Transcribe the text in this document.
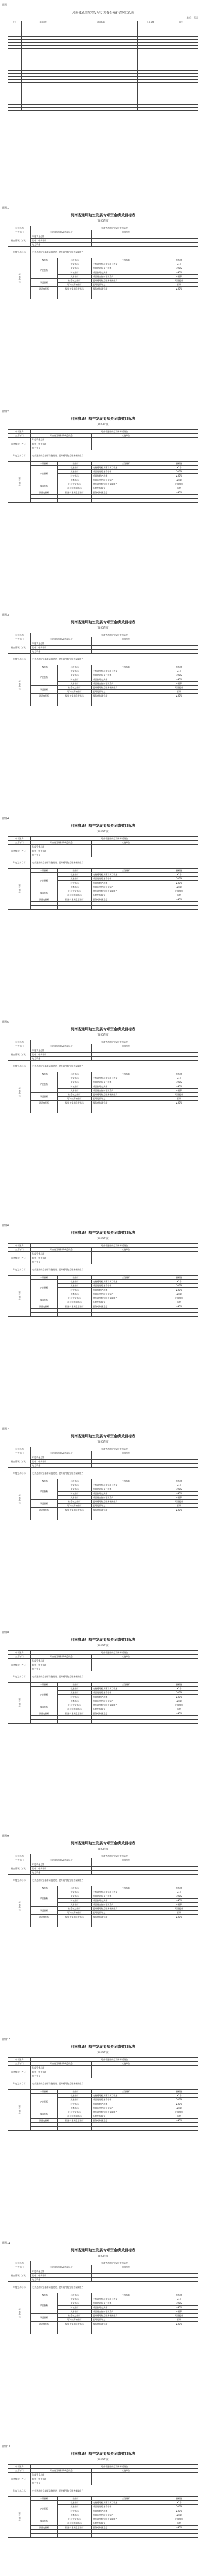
附件
河南省通用航空发展专项资金分配情况汇总表
单位：万元
序号	项目单位	项目名称	补助金额	备注

附件1
河南省通用航空发展专项资金绩效目标表
（2023年度）
专项名称	河南省通用航空发展专项资金			
主管部门	河南省发展和改革委员会		实施单位	
资金情况（万元）	年度资金总额			
	其中：中央补助			
	地方资金			
年度总体目标	支持通用航空基础设施建设，提升通用航空服务保障能力			
绩效指标	一级指标	二级指标	三级指标	指标值
	产出指标	数量指标	支持通用机场建设项目数量	≥1个
		质量指标	项目建设质量合格率	100%
		时效指标	项目按期完成率	≥90%
		成本指标	项目资金控制在预算内	≤预算
	效益指标	社会效益指标	提升通用航空服务保障能力	明显提升
		可持续影响指标	长期发挥效益	长期
	满意度指标	服务对象满意度指标	服务对象满意度	≥90%

附件2
河南省通用航空发展专项资金绩效目标表
（2023年度）
专项名称	河南省通用航空发展专项资金			
主管部门	河南省发展和改革委员会		实施单位	
资金情况（万元）	年度资金总额			
	其中：中央补助			
	地方资金			
年度总体目标	支持通用航空基础设施建设，提升通用航空服务保障能力			
绩效指标	一级指标	二级指标	三级指标	指标值
	产出指标	数量指标	支持通用机场建设项目数量	≥1个
		质量指标	项目建设质量合格率	100%
		时效指标	项目按期完成率	≥90%
		成本指标	项目资金控制在预算内	≤预算
	效益指标	社会效益指标	提升通用航空服务保障能力	明显提升
		可持续影响指标	长期发挥效益	长期
	满意度指标	服务对象满意度指标	服务对象满意度	≥90%

附件3
河南省通用航空发展专项资金绩效目标表
（2023年度）
专项名称	河南省通用航空发展专项资金			
主管部门	河南省发展和改革委员会		实施单位	
资金情况（万元）	年度资金总额			
	其中：中央补助			
	地方资金			
年度总体目标	支持通用航空基础设施建设，提升通用航空服务保障能力			
绩效指标	一级指标	二级指标	三级指标	指标值
	产出指标	数量指标	支持通用机场建设项目数量	≥1个
		质量指标	项目建设质量合格率	100%
		时效指标	项目按期完成率	≥90%
		成本指标	项目资金控制在预算内	≤预算
	效益指标	社会效益指标	提升通用航空服务保障能力	明显提升
		可持续影响指标	长期发挥效益	长期
	满意度指标	服务对象满意度指标	服务对象满意度	≥90%

附件4
河南省通用航空发展专项资金绩效目标表
（2023年度）
专项名称	河南省通用航空发展专项资金			
主管部门	河南省发展和改革委员会		实施单位	
资金情况（万元）	年度资金总额			
	其中：中央补助			
	地方资金			
年度总体目标	支持通用航空基础设施建设，提升通用航空服务保障能力			
绩效指标	一级指标	二级指标	三级指标	指标值
	产出指标	数量指标	支持通用机场建设项目数量	≥1个
		质量指标	项目建设质量合格率	100%
		时效指标	项目按期完成率	≥90%
		成本指标	项目资金控制在预算内	≤预算
	效益指标	社会效益指标	提升通用航空服务保障能力	明显提升
		可持续影响指标	长期发挥效益	长期
	满意度指标	服务对象满意度指标	服务对象满意度	≥90%

附件5
河南省通用航空发展专项资金绩效目标表
（2023年度）
专项名称	河南省通用航空发展专项资金			
主管部门	河南省发展和改革委员会		实施单位	
资金情况（万元）	年度资金总额			
	其中：中央补助			
	地方资金			
年度总体目标	支持通用航空基础设施建设，提升通用航空服务保障能力			
绩效指标	一级指标	二级指标	三级指标	指标值
	产出指标	数量指标	支持通用机场建设项目数量	≥1个
		质量指标	项目建设质量合格率	100%
		时效指标	项目按期完成率	≥90%
		成本指标	项目资金控制在预算内	≤预算
	效益指标	社会效益指标	提升通用航空服务保障能力	明显提升
		可持续影响指标	长期发挥效益	长期
	满意度指标	服务对象满意度指标	服务对象满意度	≥90%

附件6
河南省通用航空发展专项资金绩效目标表
（2023年度）
专项名称	河南省通用航空发展专项资金			
主管部门	河南省发展和改革委员会		实施单位	
资金情况（万元）	年度资金总额			
	其中：中央补助			
	地方资金			
年度总体目标	支持通用航空基础设施建设，提升通用航空服务保障能力			
绩效指标	一级指标	二级指标	三级指标	指标值
	产出指标	数量指标	支持通用机场建设项目数量	≥1个
		质量指标	项目建设质量合格率	100%
		时效指标	项目按期完成率	≥90%
		成本指标	项目资金控制在预算内	≤预算
	效益指标	社会效益指标	提升通用航空服务保障能力	明显提升
		可持续影响指标	长期发挥效益	长期
	满意度指标	服务对象满意度指标	服务对象满意度	≥90%

附件7
河南省通用航空发展专项资金绩效目标表
（2023年度）
专项名称	河南省通用航空发展专项资金			
主管部门	河南省发展和改革委员会		实施单位	
资金情况（万元）	年度资金总额			
	其中：中央补助			
	地方资金			
年度总体目标	支持通用航空基础设施建设，提升通用航空服务保障能力			
绩效指标	一级指标	二级指标	三级指标	指标值
	产出指标	数量指标	支持通用机场建设项目数量	≥1个
		质量指标	项目建设质量合格率	100%
		时效指标	项目按期完成率	≥90%
		成本指标	项目资金控制在预算内	≤预算
	效益指标	社会效益指标	提升通用航空服务保障能力	明显提升
		可持续影响指标	长期发挥效益	长期
	满意度指标	服务对象满意度指标	服务对象满意度	≥90%

附件8
河南省通用航空发展专项资金绩效目标表
（2023年度）
专项名称	河南省通用航空发展专项资金			
主管部门	河南省发展和改革委员会		实施单位	
资金情况（万元）	年度资金总额			
	其中：中央补助			
	地方资金			
年度总体目标	支持通用航空基础设施建设，提升通用航空服务保障能力			
绩效指标	一级指标	二级指标	三级指标	指标值
	产出指标	数量指标	支持通用机场建设项目数量	≥1个
		质量指标	项目建设质量合格率	100%
		时效指标	项目按期完成率	≥90%
		成本指标	项目资金控制在预算内	≤预算
	效益指标	社会效益指标	提升通用航空服务保障能力	明显提升
		可持续影响指标	长期发挥效益	长期
	满意度指标	服务对象满意度指标	服务对象满意度	≥90%

附件9
河南省通用航空发展专项资金绩效目标表
（2023年度）
专项名称	河南省通用航空发展专项资金			
主管部门	河南省发展和改革委员会		实施单位	
资金情况（万元）	年度资金总额			
	其中：中央补助			
	地方资金			
年度总体目标	支持通用航空基础设施建设，提升通用航空服务保障能力			
绩效指标	一级指标	二级指标	三级指标	指标值
	产出指标	数量指标	支持通用机场建设项目数量	≥1个
		质量指标	项目建设质量合格率	100%
		时效指标	项目按期完成率	≥90%
		成本指标	项目资金控制在预算内	≤预算
	效益指标	社会效益指标	提升通用航空服务保障能力	明显提升
		可持续影响指标	长期发挥效益	长期
	满意度指标	服务对象满意度指标	服务对象满意度	≥90%

附件10
河南省通用航空发展专项资金绩效目标表
（2023年度）
专项名称	河南省通用航空发展专项资金			
主管部门	河南省发展和改革委员会		实施单位	
资金情况（万元）	年度资金总额			
	其中：中央补助			
	地方资金			
年度总体目标	支持通用航空基础设施建设，提升通用航空服务保障能力			
绩效指标	一级指标	二级指标	三级指标	指标值
	产出指标	数量指标	支持通用机场建设项目数量	≥1个
		质量指标	项目建设质量合格率	100%
		时效指标	项目按期完成率	≥90%
		成本指标	项目资金控制在预算内	≤预算
	效益指标	社会效益指标	提升通用航空服务保障能力	明显提升
		可持续影响指标	长期发挥效益	长期
	满意度指标	服务对象满意度指标	服务对象满意度	≥90%

附件11
河南省通用航空发展专项资金绩效目标表
（2023年度）
专项名称	河南省通用航空发展专项资金			
主管部门	河南省发展和改革委员会		实施单位	
资金情况（万元）	年度资金总额			
	其中：中央补助			
	地方资金			
年度总体目标	支持通用航空基础设施建设，提升通用航空服务保障能力			
绩效指标	一级指标	二级指标	三级指标	指标值
	产出指标	数量指标	支持通用机场建设项目数量	≥1个
		质量指标	项目建设质量合格率	100%
		时效指标	项目按期完成率	≥90%
		成本指标	项目资金控制在预算内	≤预算
	效益指标	社会效益指标	提升通用航空服务保障能力	明显提升
		可持续影响指标	长期发挥效益	长期
	满意度指标	服务对象满意度指标	服务对象满意度	≥90%

附件12
河南省通用航空发展专项资金绩效目标表
（2023年度）
专项名称	河南省通用航空发展专项资金			
主管部门	河南省发展和改革委员会		实施单位	
资金情况（万元）	年度资金总额			
	其中：中央补助			
	地方资金			
年度总体目标	支持通用航空基础设施建设，提升通用航空服务保障能力			
绩效指标	一级指标	二级指标	三级指标	指标值
	产出指标	数量指标	支持通用机场建设项目数量	≥1个
		质量指标	项目建设质量合格率	100%
		时效指标	项目按期完成率	≥90%
		成本指标	项目资金控制在预算内	≤预算
	效益指标	社会效益指标	提升通用航空服务保障能力	明显提升
		可持续影响指标	长期发挥效益	长期
	满意度指标	服务对象满意度指标	服务对象满意度	≥90%
